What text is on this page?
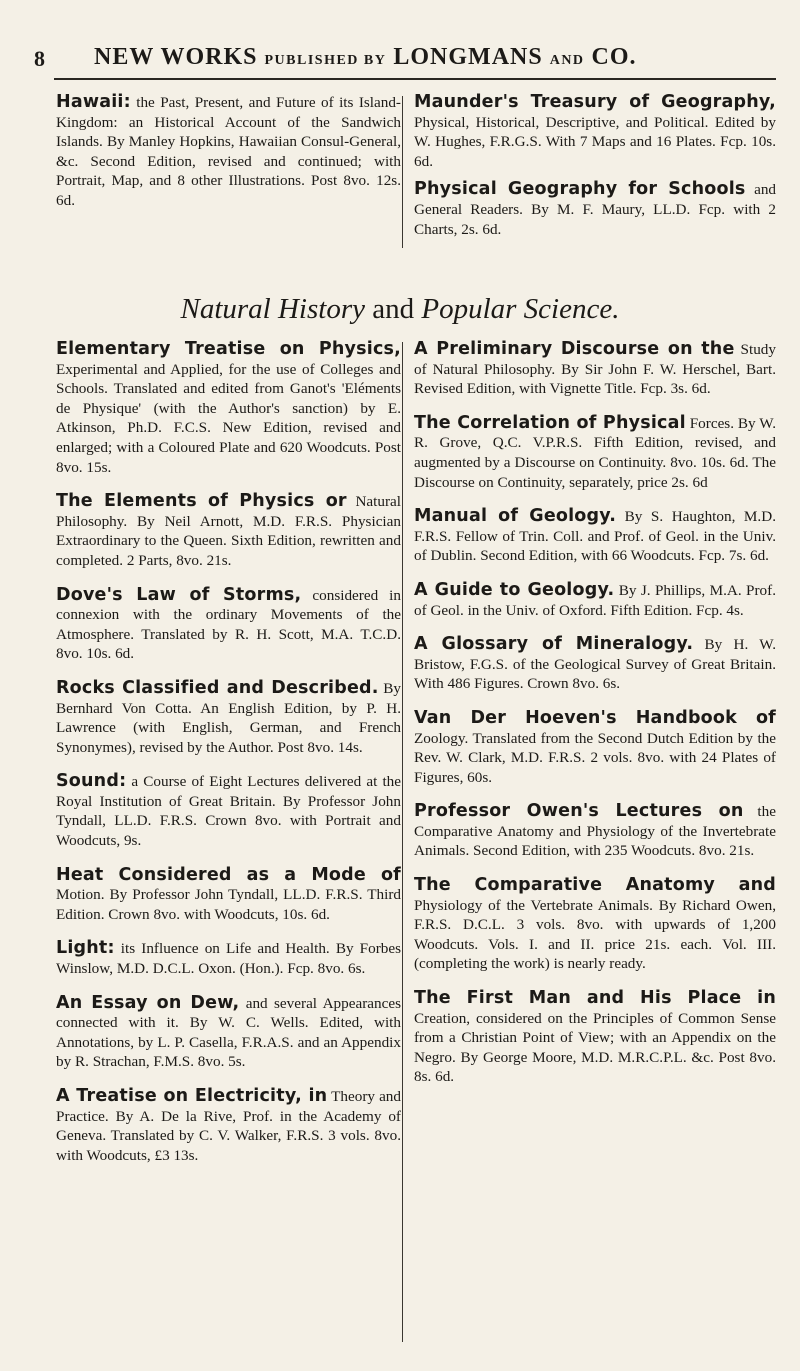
8 NEW WORKS PUBLISHED BY LONGMANS AND CO.
Hawaii: the Past, Present, and Future of its Island-Kingdom: an Historical Account of the Sandwich Islands. By Manley Hopkins, Hawaiian Consul-General, &c. Second Edition, revised and continued; with Portrait, Map, and 8 other Illustrations. Post 8vo. 12s. 6d.
Maunder's Treasury of Geography, Physical, Historical, Descriptive, and Political. Edited by W. Hughes, F.R.G.S. With 7 Maps and 16 Plates. Fcp. 10s. 6d.
Physical Geography for Schools and General Readers. By M. F. Maury, LL.D. Fcp. with 2 Charts, 2s. 6d.
Natural History and Popular Science.
Elementary Treatise on Physics, Experimental and Applied, for the use of Colleges and Schools. Translated and edited from Ganot's 'Eléments de Physique' (with the Author's sanction) by E. Atkinson, Ph.D. F.C.S. New Edition, revised and enlarged; with a Coloured Plate and 620 Woodcuts. Post 8vo. 15s.
The Elements of Physics or Natural Philosophy. By Neil Arnott, M.D. F.R.S. Physician Extraordinary to the Queen. Sixth Edition, rewritten and completed. 2 Parts, 8vo. 21s.
Dove's Law of Storms, considered in connexion with the ordinary Movements of the Atmosphere. Translated by R. H. Scott, M.A. T.C.D. 8vo. 10s. 6d.
Rocks Classified and Described. By Bernhard Von Cotta. An English Edition, by P. H. Lawrence (with English, German, and French Synonymes), revised by the Author. Post 8vo. 14s.
Sound: a Course of Eight Lectures delivered at the Royal Institution of Great Britain. By Professor John Tyndall, LL.D. F.R.S. Crown 8vo. with Portrait and Woodcuts, 9s.
Heat Considered as a Mode of Motion. By Professor John Tyndall, LL.D. F.R.S. Third Edition. Crown 8vo. with Woodcuts, 10s. 6d.
Light: its Influence on Life and Health. By Forbes Winslow, M.D. D.C.L. Oxon. (Hon.). Fcp. 8vo. 6s.
An Essay on Dew, and several Appearances connected with it. By W. C. Wells. Edited, with Annotations, by L. P. Casella, F.R.A.S. and an Appendix by R. Strachan, F.M.S. 8vo. 5s.
A Treatise on Electricity, in Theory and Practice. By A. De la Rive, Prof. in the Academy of Geneva. Translated by C. V. Walker, F.R.S. 3 vols. 8vo. with Woodcuts, £3 13s.
A Preliminary Discourse on the Study of Natural Philosophy. By Sir John F. W. Herschel, Bart. Revised Edition, with Vignette Title. Fcp. 3s. 6d.
The Correlation of Physical Forces. By W. R. Grove, Q.C. V.P.R.S. Fifth Edition, revised, and augmented by a Discourse on Continuity. 8vo. 10s. 6d. The Discourse on Continuity, separately, price 2s. 6d
Manual of Geology. By S. Haughton, M.D. F.R.S. Fellow of Trin. Coll. and Prof. of Geol. in the Univ. of Dublin. Second Edition, with 66 Woodcuts. Fcp. 7s. 6d.
A Guide to Geology. By J. Phillips, M.A. Prof. of Geol. in the Univ. of Oxford. Fifth Edition. Fcp. 4s.
A Glossary of Mineralogy. By H. W. Bristow, F.G.S. of the Geological Survey of Great Britain. With 486 Figures. Crown 8vo. 6s.
Van Der Hoeven's Handbook of Zoology. Translated from the Second Dutch Edition by the Rev. W. Clark, M.D. F.R.S. 2 vols. 8vo. with 24 Plates of Figures, 60s.
Professor Owen's Lectures on the Comparative Anatomy and Physiology of the Invertebrate Animals. Second Edition, with 235 Woodcuts. 8vo. 21s.
The Comparative Anatomy and Physiology of the Vertebrate Animals. By Richard Owen, F.R.S. D.C.L. 3 vols. 8vo. with upwards of 1,200 Woodcuts. Vols. I. and II. price 21s. each. Vol. III. (completing the work) is nearly ready.
The First Man and His Place in Creation, considered on the Principles of Common Sense from a Christian Point of View; with an Appendix on the Negro. By George Moore, M.D. M.R.C.P.L. &c. Post 8vo. 8s. 6d.
